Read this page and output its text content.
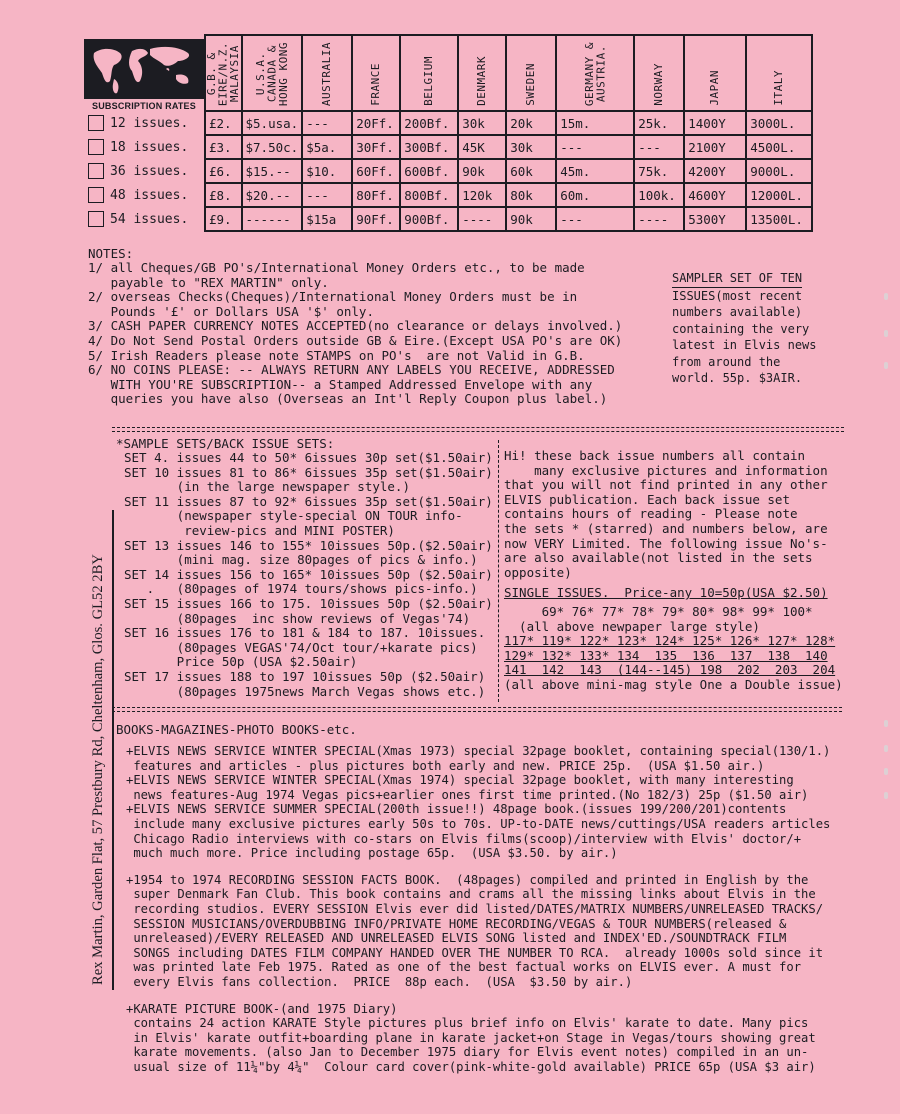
SUBSCRIPTION RATES		G.B. &
EIRE/N.Z.
MALAYSIA	U.S.A.
CANADA &
HONG KONG	AUSTRALIA	FRANCE	BELGIUM	DENMARK	SWEDEN	GERMANY &
AUSTRIA.	NORWAY	JAPAN	ITALY

	12 issues.	£2.	$5.usa.	---	20Ff.	200Bf.	30k	20k	15m.	25k.	1400Y	3000L.

	18 issues.	£3.	$7.50c.	$5a.	30Ff.	300Bf.	45K	30k	---	---	2100Y	4500L.

	36 issues.	£6.	$15.--	$10.	60Ff.	600Bf.	90k	60k	45m.	75k.	4200Y	9000L.

	48 issues.	£8.	$20.--	---	80Ff.	800Bf.	120k	80k	60m.	100k.	4600Y	12000L.

	54 issues.	£9.	------	$15a	90Ff.	900Bf.	----	90k	---	----	5300Y	13500L.
NOTES:
1/ all Cheques/GB PO's/International Money Orders etc., to be made
payable to "REX MARTIN" only.
2/ overseas Checks(Cheques)/International Money Orders must be in
Pounds '£' or Dollars USA '$' only.
3/ CASH PAPER CURRENCY NOTES ACCEPTED(no clearance or delays involved.)
4/ Do Not Send Postal Orders outside GB & Eire.(Except USA PO's are OK)
5/ Irish Readers please note STAMPS on PO's  are not Valid in G.B.
6/ NO COINS PLEASE: -- ALWAYS RETURN ANY LABELS YOU RECEIVE, ADDRESSED
WITH YOU'RE SUBSCRIPTION-- a Stamped Addressed Envelope with any
queries you have also (Overseas an Int'l Reply Coupon plus label.)
SAMPLER SET OF TEN
ISSUES(most recent
numbers available)
containing the very
latest in Elvis news
from around the
world. 55p. $3AIR.
*SAMPLE SETS/BACK ISSUE SETS:
SET 4. issues 44 to 50* 6issues 30p set($1.50air)
SET 10 issues 81 to 86* 6issues 35p set($1.50air)
(in the large newspaper style.)
SET 11 issues 87 to 92* 6issues 35p set($1.50air)
(newspaper style-special ON TOUR info-
review-pics and MINI POSTER)
SET 13 issues 146 to 155* 10issues 50p.($2.50air)
(mini mag. size 80pages of pics & info.)
SET 14 issues 156 to 165* 10issues 50p ($2.50air)
.   (80pages of 1974 tours/shows pics-info.)
SET 15 issues 166 to 175. 10issues 50p ($2.50air)
(80pages  inc show reviews of Vegas'74)
SET 16 issues 176 to 181 & 184 to 187. 10issues.
(80pages VEGAS'74/Oct tour/+karate pics)
Price 50p (USA $2.50air)
SET 17 issues 188 to 197 10issues 50p ($2.50air)
(80pages 1975news March Vegas shows etc.)
Hi! these back issue numbers all contain
many exclusive pictures and information
that you will not find printed in any other
ELVIS publication. Each back issue set
contains hours of reading - Please note
the sets * (starred) and numbers below, are
now VERY Limited. The following issue No's-
are also available(not listed in the sets
opposite)
SINGLE ISSUES.  Price-any 10=50p(USA $2.50)
69* 76* 77* 78* 79* 80* 98* 99* 100*
(all above newpaper large style)
117* 119* 122* 123* 124* 125* 126* 127* 128*
129* 132* 133* 134  135  136  137  138  140
141  142  143  (144--145) 198  202  203  204
(all above mini-mag style One a Double issue)
BOOKS-MAGAZINES-PHOTO BOOKS-etc.
+ELVIS NEWS SERVICE WINTER SPECIAL(Xmas 1973) special 32page booklet, containing special(130/1.)
features and articles - plus pictures both early and new. PRICE 25p.  (USA $1.50 air.)
+ELVIS NEWS SERVICE WINTER SPECIAL(Xmas 1974) special 32page booklet, with many interesting
news features-Aug 1974 Vegas pics+earlier ones first time printed.(No 182/3) 25p ($1.50 air)
+ELVIS NEWS SERVICE SUMMER SPECIAL(200th issue!!) 48page book.(issues 199/200/201)contents
include many exclusive pictures early 50s to 70s. UP-to-DATE news/cuttings/USA readers articles
Chicago Radio interviews with co-stars on Elvis films(scoop)/interview with Elvis' doctor/+
much much more. Price including postage 65p.  (USA $3.50. by air.)
+1954 to 1974 RECORDING SESSION FACTS BOOK.  (48pages) compiled and printed in English by the
super Denmark Fan Club. This book contains and crams all the missing links about Elvis in the
recording studios. EVERY SESSION Elvis ever did listed/DATES/MATRIX NUMBERS/UNRELEASED TRACKS/
SESSION MUSICIANS/OVERDUBBING INFO/PRIVATE HOME RECORDING/VEGAS & TOUR NUMBERS(released &
unreleased)/EVERY RELEASED AND UNRELEASED ELVIS SONG listed and INDEX'ED./SOUNDTRACK FILM
SONGS including DATES FILM COMPANY HANDED OVER THE NUMBER TO RCA.  already 1000s sold since it
was printed late Feb 1975. Rated as one of the best factual works on ELVIS ever. A must for
every Elvis fans collection.  PRICE  88p each.  (USA  $3.50 by air.)
+KARATE PICTURE BOOK-(and 1975 Diary)
contains 24 action KARATE Style pictures plus brief info on Elvis' karate to date. Many pics
in Elvis' karate outfit+boarding plane in karate jacket+on Stage in Vegas/tours showing great
karate movements. (also Jan to December 1975 diary for Elvis event notes) compiled in an un-
usual size of 11¼"by 4¼"  Colour card cover(pink-white-gold available) PRICE 65p (USA $3 air)
Rex Martin, Garden Flat, 57 Prestbury Rd, Cheltenham, Glos. GL52 2BY
